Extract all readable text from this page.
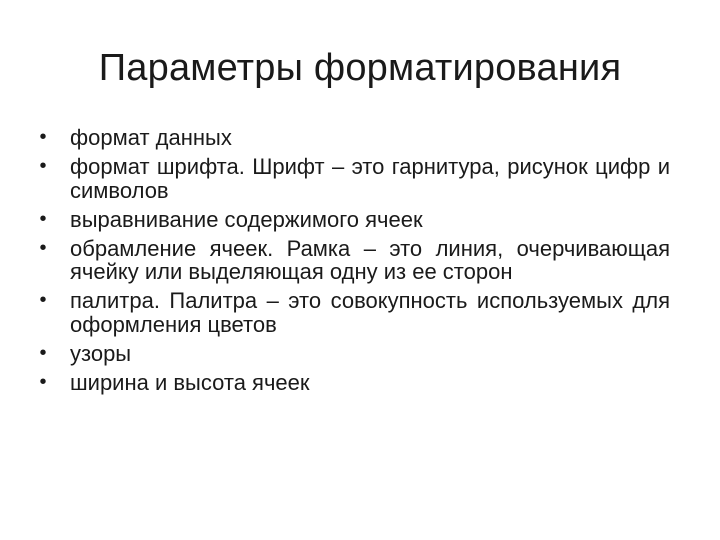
Параметры форматирования
• формат данных
• формат шрифта. Шрифт – это гарнитура, рисунок цифр и символов
• выравнивание содержимого ячеек
• обрамление ячеек. Рамка – это линия, очерчивающая ячейку или выделяющая одну из ее сторон
• палитра. Палитра – это совокупность используемых для оформления цветов
• узоры
• ширина и высота ячеек
